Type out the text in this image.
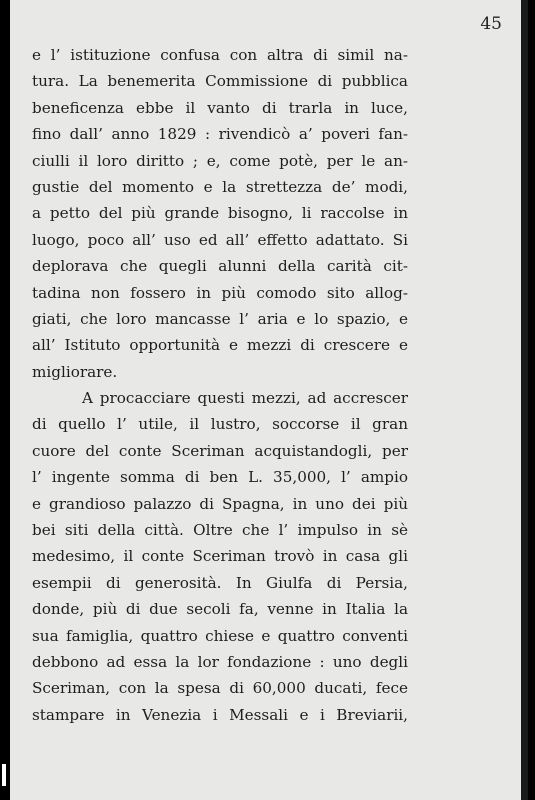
45
e l’ istituzione confusa con altra di simil na-
tura. La benemerita Commissione di pubblica
beneficenza ebbe il vanto di trarla in luce,
fino dall’ anno 1829 : rivendicò a’ poveri fan-
ciulli il loro diritto ; e, come potè, per le an-
gustie del momento e la strettezza de’ modi,
a petto del più grande bisogno, li raccolse in
luogo, poco all’ uso ed all’ effetto adattato. Si
deplorava che quegli alunni della carità cit-
tadina non fossero in più comodo sito allog-
giati, che loro mancasse l’ aria e lo spazio, e
all’ Istituto opportunità e mezzi di crescere e
migliorare.
A procacciare questi mezzi, ad accrescer
di quello l’ utile, il lustro, soccorse il gran
cuore del conte Sceriman acquistandogli, per
l’ ingente somma di ben L. 35,000, l’ ampio
e grandioso palazzo di Spagna, in uno dei più
bei siti della città. Oltre che l’ impulso in sè
medesimo, il conte Sceriman trovò in casa gli
esempii di generosità. In Giulfa di Persia,
donde, più di due secoli fa, venne in Italia la
sua famiglia, quattro chiese e quattro conventi
debbono ad essa la lor fondazione : uno degli
Sceriman, con la spesa di 60,000 ducati, fece
stampare in Venezia i Messali e i Breviarii,
